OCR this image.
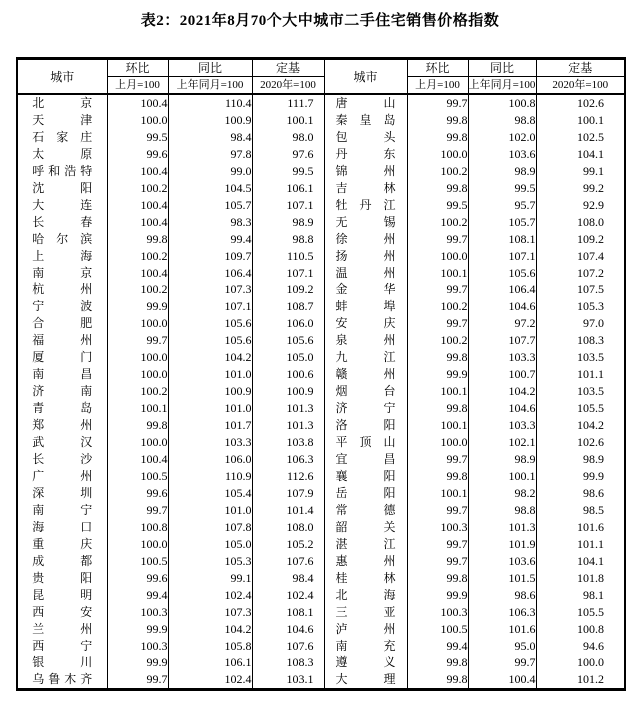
表2：2021年8月70个大中城市二手住宅销售价格指数
城市	环比	同比	定基	城市	环比	同比	定基
	上月=100	上年同月=100	2020年=100		上月=100	上年同月=100	2020年=100
北京	100.4	110.4	111.7	唐山	99.7	100.8	102.6
天津	100.0	100.9	100.1	秦皇岛	99.8	98.8	100.1
石家庄	99.5	98.4	98.0	包头	99.8	102.0	102.5
太原	99.6	97.8	97.6	丹东	100.0	103.6	104.1
呼和浩特	100.4	99.0	99.5	锦州	100.2	98.9	99.1
沈阳	100.2	104.5	106.1	吉林	99.8	99.5	99.2
大连	100.4	105.7	107.1	牡丹江	99.5	95.7	92.9
长春	100.4	98.3	98.9	无锡	100.2	105.7	108.0
哈尔滨	99.8	99.4	98.8	徐州	99.7	108.1	109.2
上海	100.2	109.7	110.5	扬州	100.0	107.1	107.4
南京	100.4	106.4	107.1	温州	100.1	105.6	107.2
杭州	100.2	107.3	109.2	金华	99.7	106.4	107.5
宁波	99.9	107.1	108.7	蚌埠	100.2	104.6	105.3
合肥	100.0	105.6	106.0	安庆	99.7	97.2	97.0
福州	99.7	105.6	105.6	泉州	100.2	107.7	108.3
厦门	100.0	104.2	105.0	九江	99.8	103.3	103.5
南昌	100.0	101.0	100.6	赣州	99.9	100.7	101.1
济南	100.2	100.9	100.9	烟台	100.1	104.2	103.5
青岛	100.1	101.0	101.3	济宁	99.8	104.6	105.5
郑州	99.8	101.7	101.3	洛阳	100.1	103.3	104.2
武汉	100.0	103.3	103.8	平顶山	100.0	102.1	102.6
长沙	100.4	106.0	106.3	宜昌	99.7	98.9	98.9
广州	100.5	110.9	112.6	襄阳	99.8	100.1	99.9
深圳	99.6	105.4	107.9	岳阳	100.1	98.2	98.6
南宁	99.7	101.0	101.4	常德	99.7	98.8	98.5
海口	100.8	107.8	108.0	韶关	100.3	101.3	101.6
重庆	100.0	105.0	105.2	湛江	99.7	101.9	101.1
成都	100.5	105.3	107.6	惠州	99.7	103.6	104.1
贵阳	99.6	99.1	98.4	桂林	99.8	101.5	101.8
昆明	99.4	102.4	102.4	北海	99.9	98.6	98.1
西安	100.3	107.3	108.1	三亚	100.3	106.3	105.5
兰州	99.9	104.2	104.6	泸州	100.5	101.6	100.8
西宁	100.3	105.8	107.6	南充	99.4	95.0	94.6
银川	99.9	106.1	108.3	遵义	99.8	99.7	100.0
乌鲁木齐	99.7	102.4	103.1	大理	99.8	100.4	101.2
